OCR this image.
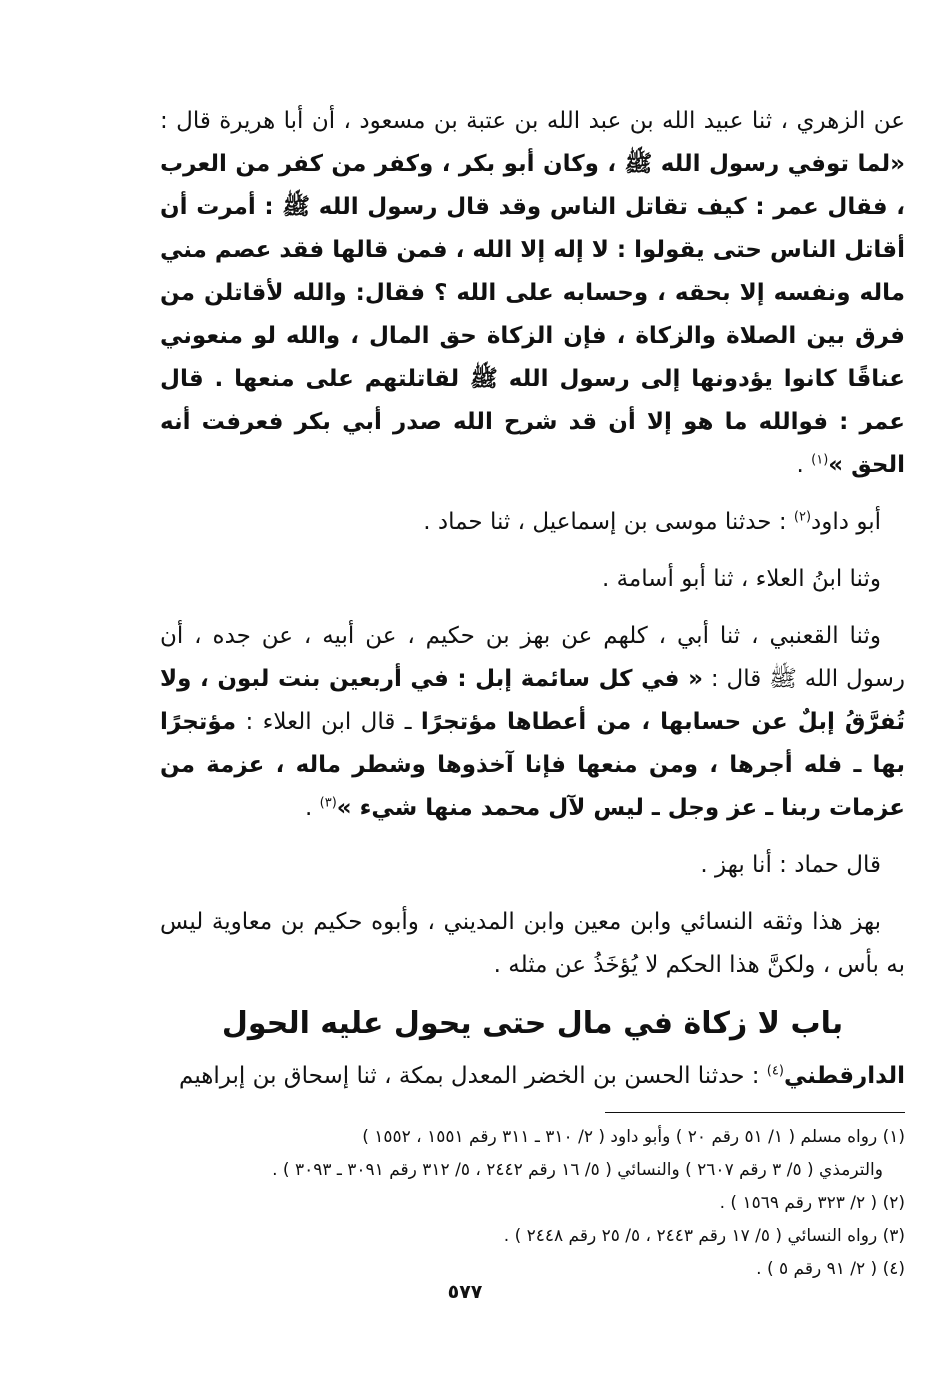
عن الزهري ، ثنا عبيد الله بن عبد الله بن عتبة بن مسعود ، أن أبا هريرة قال : «لما توفي رسول الله ﷺ ، وكان أبو بكر ، وكفر من كفر من العرب ، فقال عمر : كيف تقاتل الناس وقد قال رسول الله ﷺ : أمرت أن أقاتل الناس حتى يقولوا : لا إله إلا الله ، فمن قالها فقد عصم مني ماله ونفسه إلا بحقه ، وحسابه على الله ؟ فقال: والله لأقاتلن من فرق بين الصلاة والزكاة ، فإن الزكاة حق المال ، والله لو منعوني عناقًا كانوا يؤدونها إلى رسول الله ﷺ لقاتلتهم على منعها . قال عمر : فوالله ما هو إلا أن قد شرح الله صدر أبي بكر فعرفت أنه الحق »$^{(١)}$ .

أبو داود$^{(٢)}$ : حدثنا موسى بن إسماعيل ، ثنا حماد .

وثنا ابنُ العلاء ، ثنا أبو أسامة .

وثنا القعنبي ، ثنا أبي ، كلهم عن بهز بن حكيم ، عن أبيه ، عن جده ، أن رسول الله ﷺ قال : « في كل سائمة إبل : في أربعين بنت لبون ، ولا تُفرَّقُ إبلٌ عن حسابها ، من أعطاها مؤتجرًا ـ قال ابن العلاء : مؤتجرًا بها ـ فله أجرها ، ومن منعها فإنا آخذوها وشطر ماله ، عزمة من عزمات ربنا ـ عز وجل ـ ليس لآل محمد منها شيء »$^{(٣)}$ .

قال حماد : أنا بهز .

بهز هذا وثقه النسائي وابن معين وابن المديني ، وأبوه حكيم بن معاوية ليس به بأس ، ولكنَّ هذا الحكم لا يُؤخَذُ عن مثله .

باب لا زكاة في مال حتى يحول عليه الحول

الدارقطني$^{(٤)}$ : حدثنا الحسن بن الخضر المعدل بمكة ، ثنا إسحاق بن إبراهيم

(١) رواه مسلم ( ١/ ٥١ رقم ٢٠ ) وأبو داود ( ٢/ ٣١٠ ـ ٣١١ رقم ١٥٥١ ، ١٥٥٢ )

والترمذي ( ٥/ ٣ رقم ٢٦٠٧ ) والنسائي ( ٥/ ١٦ رقم ٢٤٤٢ ، ٥/ ٣١٢ رقم ٣٠٩١ ـ ٣٠٩٣ ) .

(٢) ( ٢/ ٣٢٣ رقم ١٥٦٩ ) .

(٣) رواه النسائي ( ٥/ ١٧ رقم ٢٤٤٣ ، ٥/ ٢٥ رقم ٢٤٤٨ ) .

(٤) ( ٢/ ٩١ رقم ٥ ) .

٥٧٧
